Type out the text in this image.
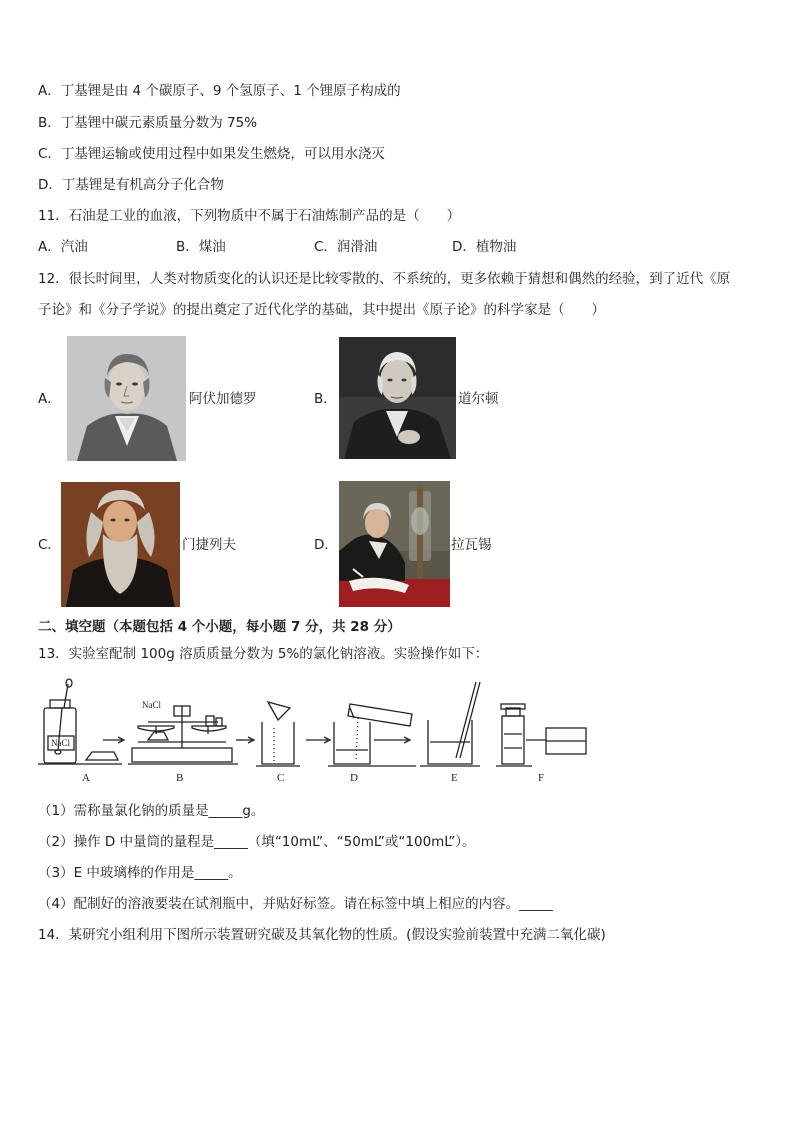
A．丁基锂是由 4 个碳原子、9 个氢原子、1 个锂原子构成的
B．丁基锂中碳元素质量分数为 75%
C．丁基锂运输或使用过程中如果发生燃烧，可以用水浇灭
D．丁基锂是有机高分子化合物
11．石油是工业的血液，下列物质中不属于石油炼制产品的是（　　）
A．汽油	B．煤油	C．润滑油	D．植物油
12．很长时间里，人类对物质变化的认识还是比较零散的、不系统的，更多依赖于猜想和偶然的经验，到了近代《原
子论》和《分子学说》的提出奠定了近代化学的基础，其中提出《原子论》的科学家是（　　）
A．	阿伏加德罗	B．	道尔顿
C．	门捷列夫	D．	拉瓦锡
二、填空题（本题包括 4 个小题，每小题 7 分，共 28 分）
13．实验室配制 100g 溶质质量分数为 5%的氯化钠溶液。实验操作如下：
NaCl
NaCl
A	B	C	D	E	F
（1）需称量氯化钠的质量是_____g。
（2）操作 D 中量筒的量程是_____（填“10mL”、“50mL”或“100mL”）。
（3）E 中玻璃棒的作用是_____。
（4）配制好的溶液要装在试剂瓶中，并贴好标签。请在标签中填上相应的内容。_____
14．某研究小组利用下图所示装置研究碳及其氧化物的性质。(假设实验前装置中充满二氧化碳)
